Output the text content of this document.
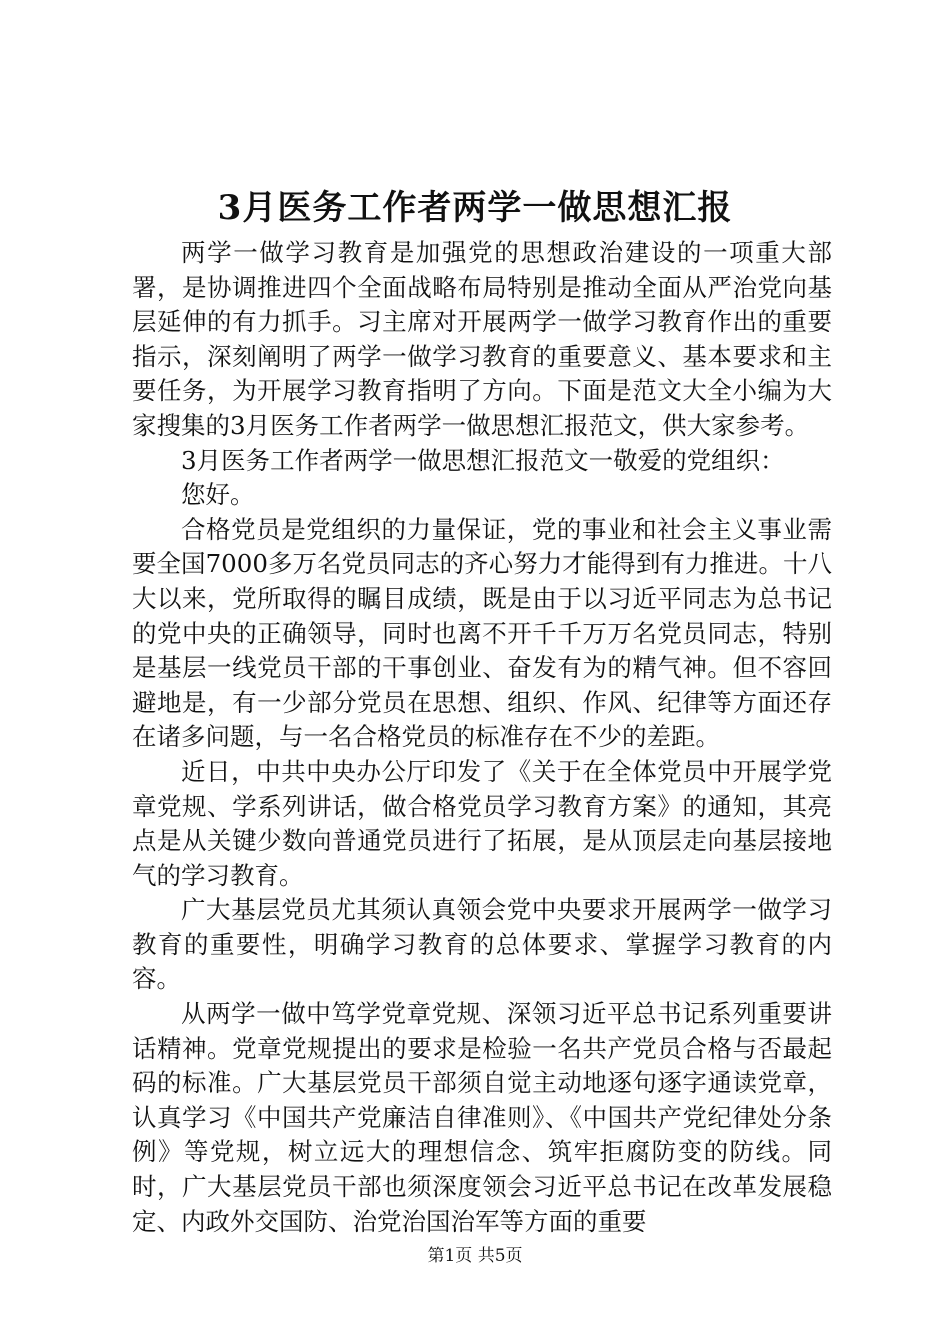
3月医务工作者两学一做思想汇报

两学一做学习教育是加强党的思想政治建设的一项重大部署，是协调推进四个全面战略布局特别是推动全面从严治党向基层延伸的有力抓手。习主席对开展两学一做学习教育作出的重要指示，深刻阐明了两学一做学习教育的重要意义、基本要求和主要任务，为开展学习教育指明了方向。下面是范文大全小编为大家搜集的3月医务工作者两学一做思想汇报范文，供大家参考。

3月医务工作者两学一做思想汇报范文一敬爱的党组织：

您好。

合格党员是党组织的力量保证，党的事业和社会主义事业需要全国7000多万名党员同志的齐心努力才能得到有力推进。十八大以来，党所取得的瞩目成绩，既是由于以习近平同志为总书记的党中央的正确领导，同时也离不开千千万万名党员同志，特别是基层一线党员干部的干事创业、奋发有为的精气神。但不容回避地是，有一少部分党员在思想、组织、作风、纪律等方面还存在诸多问题，与一名合格党员的标准存在不少的差距。

近日，中共中央办公厅印发了《关于在全体党员中开展学党章党规、学系列讲话，做合格党员学习教育方案》的通知，其亮点是从关键少数向普通党员进行了拓展，是从顶层走向基层接地气的学习教育。

广大基层党员尤其须认真领会党中央要求开展两学一做学习教育的重要性，明确学习教育的总体要求、掌握学习教育的内容。

从两学一做中笃学党章党规、深领习近平总书记系列重要讲话精神。党章党规提出的要求是检验一名共产党员合格与否最起码的标准。广大基层党员干部须自觉主动地逐句逐字通读党章，认真学习《中国共产党廉洁自律准则》、《中国共产党纪律处分条例》等党规，树立远大的理想信念、筑牢拒腐防变的防线。同时，广大基层党员干部也须深度领会习近平总书记在改革发展稳定、内政外交国防、治党治国治军等方面的重要

第1页 共5页
